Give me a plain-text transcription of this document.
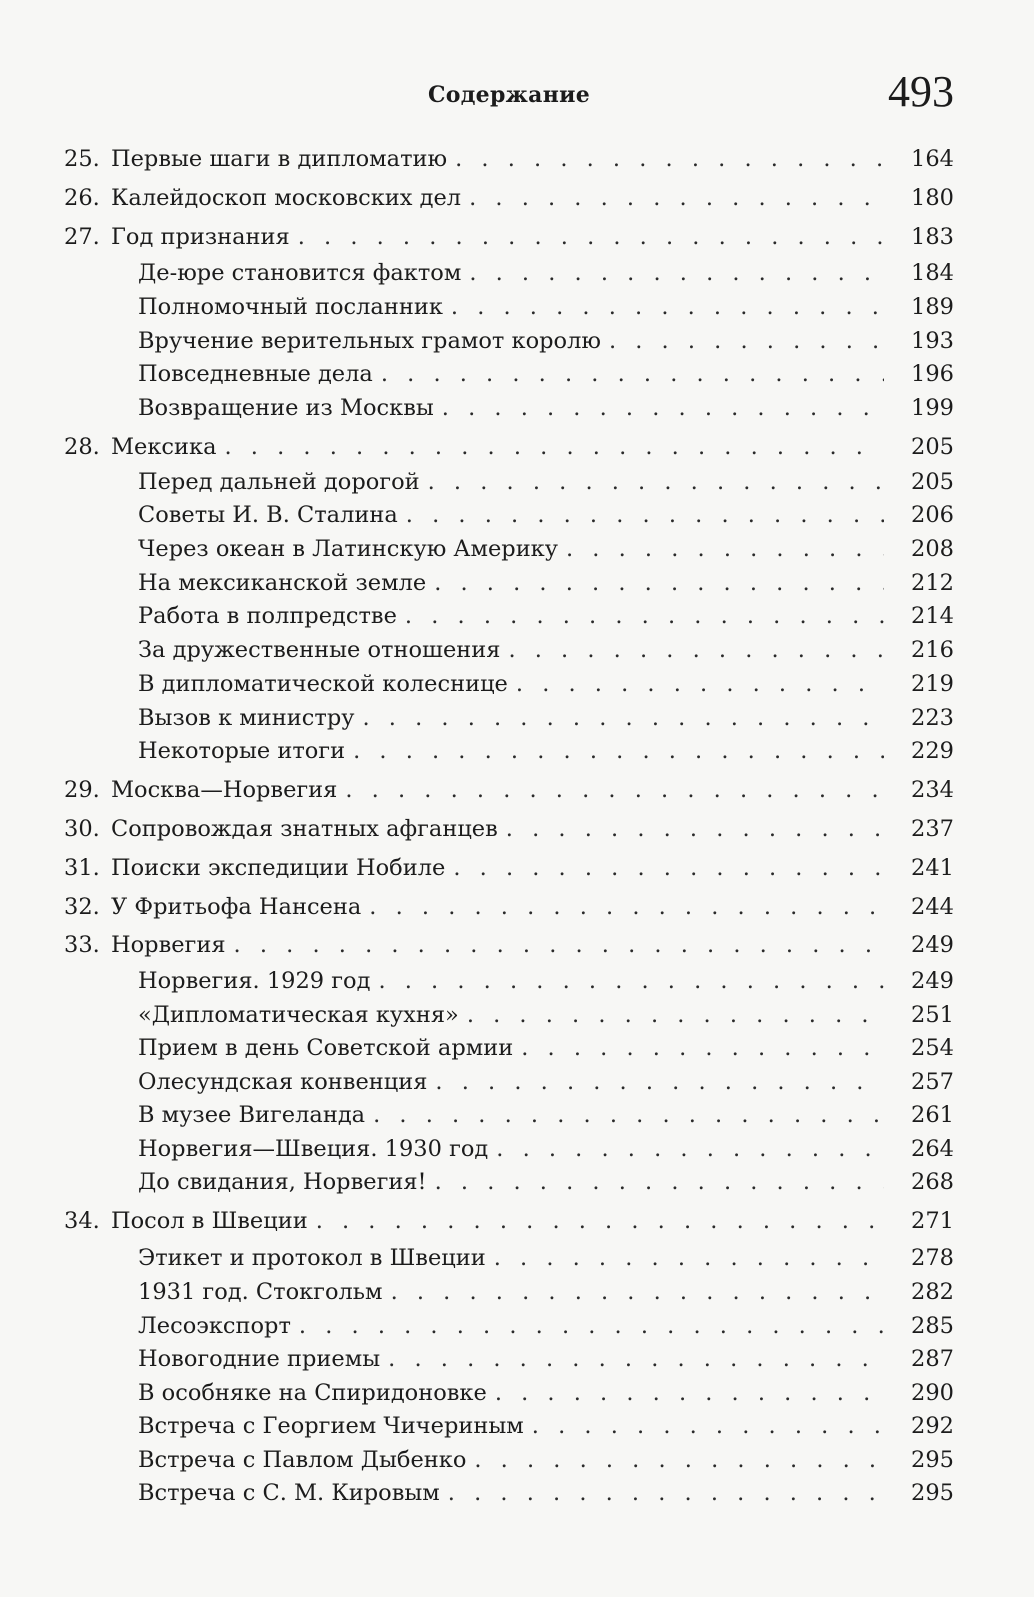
Содержание	493
25. Первые шаги в дипломатию . . .	164
26. Калейдоскоп московских дел . . .	180
27. Год признания . . .	183
Де-юре становится фактом . . .	184
Полномочный посланник . . .	189
Вручение верительных грамот королю . . .	193
Повседневные дела . . .	196
Возвращение из Москвы . . .	199
28. Мексика . . .	205
Перед дальней дорогой . . .	205
Советы И. В. Сталина . . .	206
Через океан в Латинскую Америку . . .	208
На мексиканской земле . . .	212
Работа в полпредстве . . .	214
За дружественные отношения . . .	216
В дипломатической колеснице . . .	219
Вызов к министру . . .	223
Некоторые итоги . . .	229
29. Москва—Норвегия . . .	234
30. Сопровождая знатных афганцев . . .	237
31. Поиски экспедиции Нобиле . . .	241
32. У Фритьофа Нансена . . .	244
33. Норвегия . . .	249
Норвегия. 1929 год . . .	249
«Дипломатическая кухня» . . .	251
Прием в день Советской армии . . .	254
Олесундская конвенция . . .	257
В музее Вигеланда . . .	261
Норвегия—Швеция. 1930 год . . .	264
До свидания, Норвегия! . . .	268
34. Посол в Швеции . . .	271
Этикет и протокол в Швеции . . .	278
1931 год. Стокгольм . . .	282
Лесоэкспорт . . .	285
Новогодние приемы . . .	287
В особняке на Спиридоновке . . .	290
Встреча с Георгием Чичериным . . .	292
Встреча с Павлом Дыбенко . . .	295
Встреча с С. М. Кировым . . .	295
